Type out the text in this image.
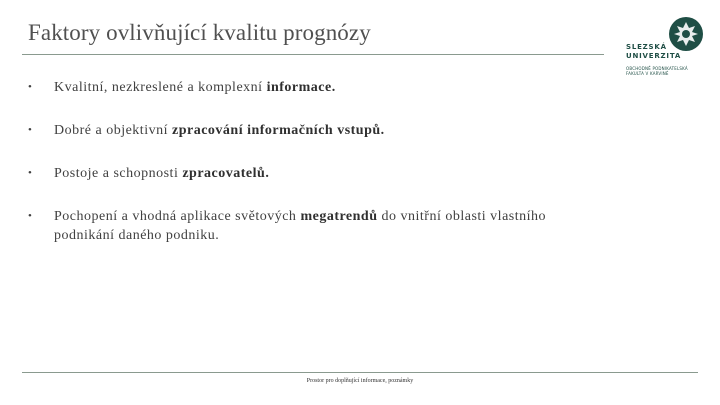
Faktory ovlivňující kvalitu prognózy
SLEZSKÁ
UNIVERZITA
OBCHODNĚ PODNIKATELSKÁ
FAKULTA V KARVINÉ
• Kvalitní, nezkreslené a komplexní informace.
• Dobré a objektivní zpracování informačních vstupů.
• Postoje a schopnosti zpracovatelů.
• Pochopení a vhodná aplikace světových megatrendů do vnitřní oblasti vlastního podnikání daného podniku.
Prostor pro doplňující informace, poznámky
